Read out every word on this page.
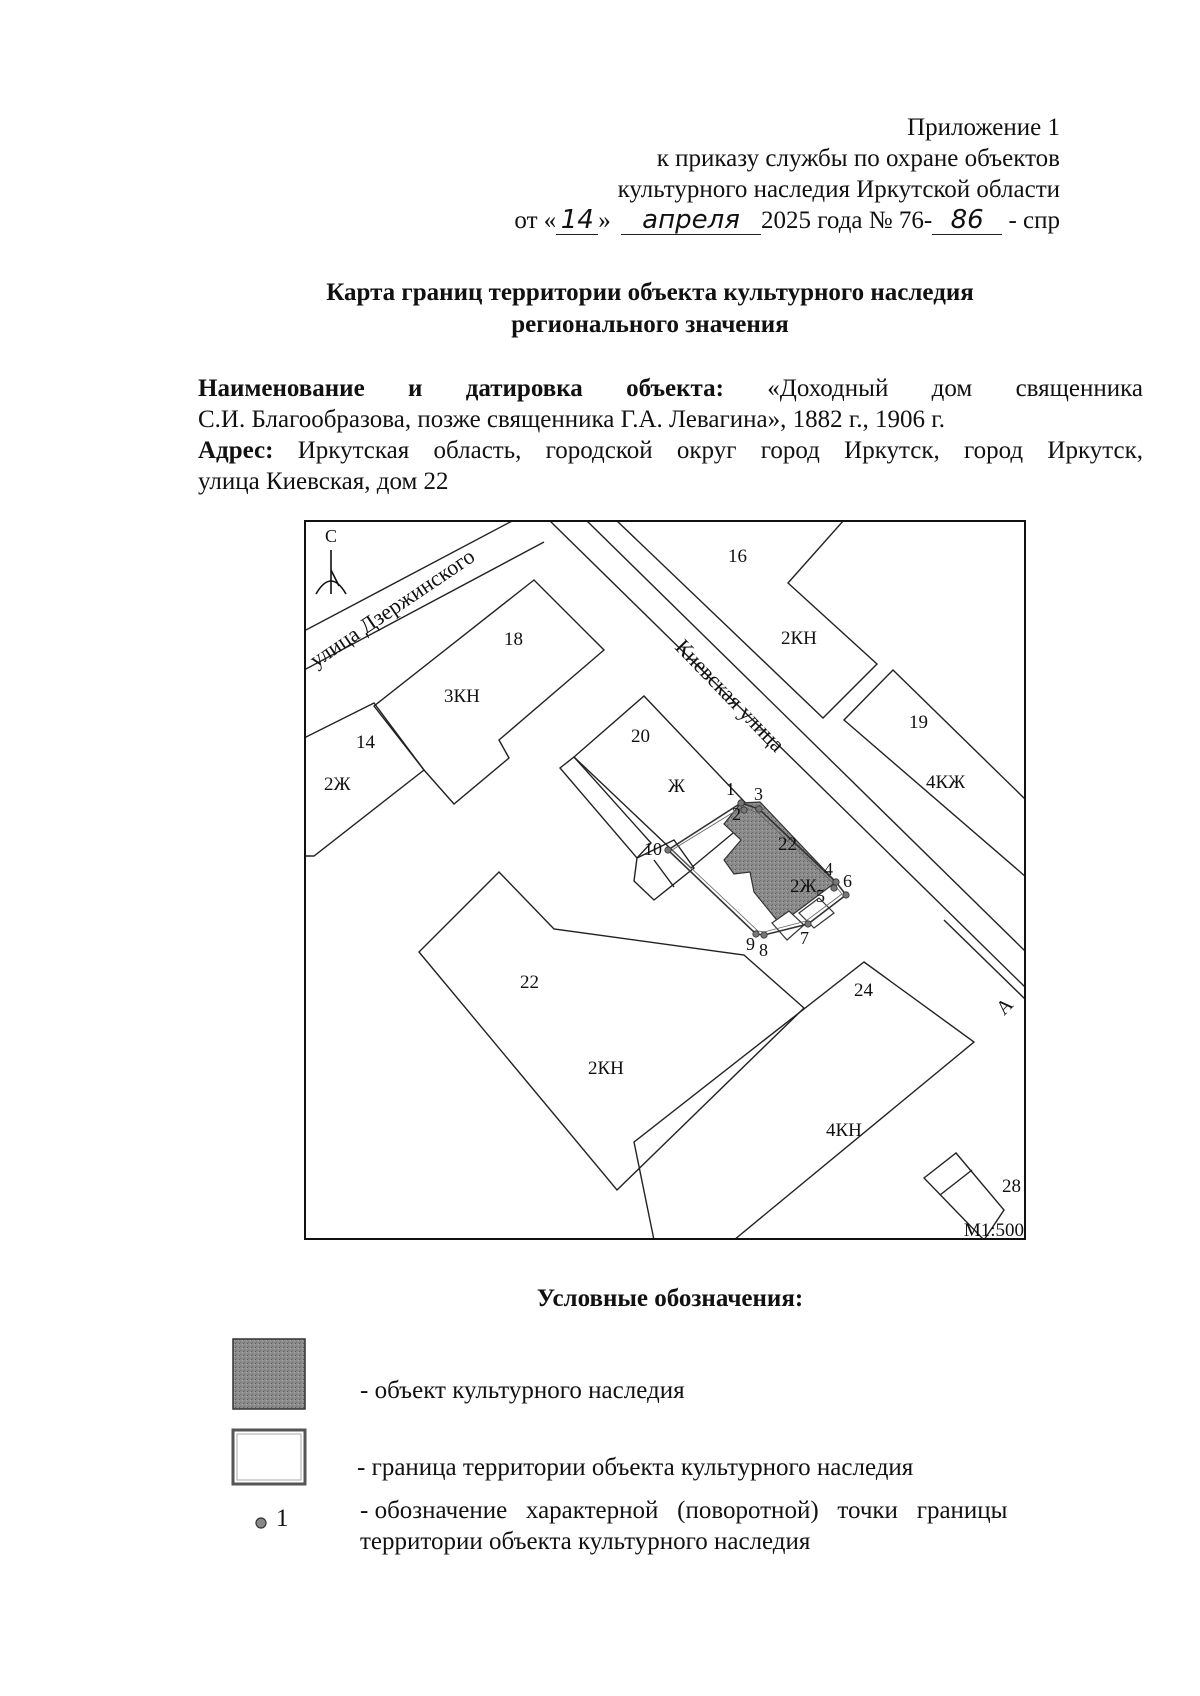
Приложение 1
к приказу службы по охране объектов
культурного наследия Иркутской области
от « 14 » апреля 2025 года № 76- 86 - спр
Карта границ территории объекта культурного наследия
регионального значения
Наименование и датировка объекта: «Доходный дом священника
С.И. Благообразова, позже священника Г.А. Левагина», 1882 г., 1906 г.
Адрес: Иркутская область, городской округ город Иркутск, город Иркутск,
улица Киевская, дом 22
1
2
3
4
5
6
7
8
9
10
16
2КН
18
3КН
14
2Ж
20
Ж
19
4КЖ
22
2Ж
22
2КН
24
4КН
28
улица Дзержинского
Киевская улица
А
С
М1:500
Условные обозначения:
- объект культурного наследия
- граница территории объекта культурного наследия
1	- обозначение   характерной   (поворотной)   точки   границы
территории объекта культурного наследия
